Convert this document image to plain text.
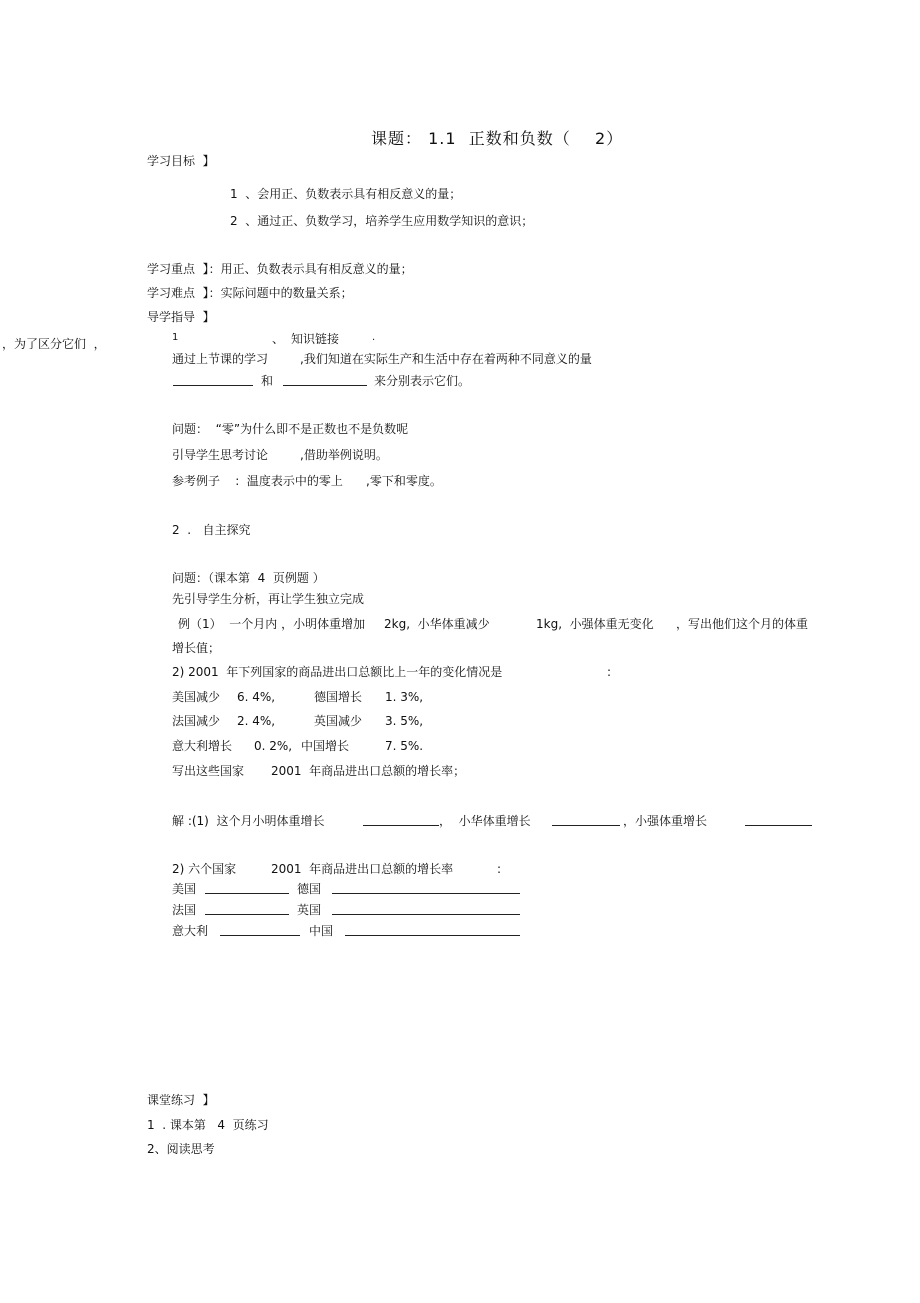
课题： 1.1  正数和负数（    2）
学习目标  】
1  、会用正、负数表示具有相反意义的量；
2  、通过正、负数学习，培养学生应用数学知识的意识；
学习重点  】：用正、负数表示具有相反意义的量；
学习难点  】：实际问题中的数量关系；
导学指导  】
，为了区分它们  ，	1	、 知识链接	.
通过上节课的学习	,我们知道在实际生产和生活中存在着两种不同意义的量
和	来分别表示它们。
问题：  “零”为什么即不是正数也不是负数呢
引导学生思考讨论	,借助举例说明。
参考例子    :  温度表示中的零上 ,零下和零度。
2  .   自主探究
问题：（课本第  4  页例题 ）
先引导学生分析，再让学生独立完成
例（1）  一个月内 ，小明体重增加 2kg,  小华体重减少	1kg,  小强体重无变化 ，写出他们这个月的体重
增长值；
2) 2001  年下列国家的商品进出口总额比上一年的变化情况是	:
美国减少 6. 4%,	德国增长 1. 3%,
法国减少 2. 4%,	英国减少 3. 5%,
意大利增长 0. 2%, 中国增长	7. 5%.
写出这些国家 2001  年商品进出口总额的增长率；
解 :(1)  这个月小明体重增长	，  小华体重增长	，小强体重增长
2) 六个国家	2001  年商品进出口总额的增长率	:
美国	德国
法国	英国
意大利	中国
课堂练习  】
1  . 课本第   4  页练习
2、阅读思考
